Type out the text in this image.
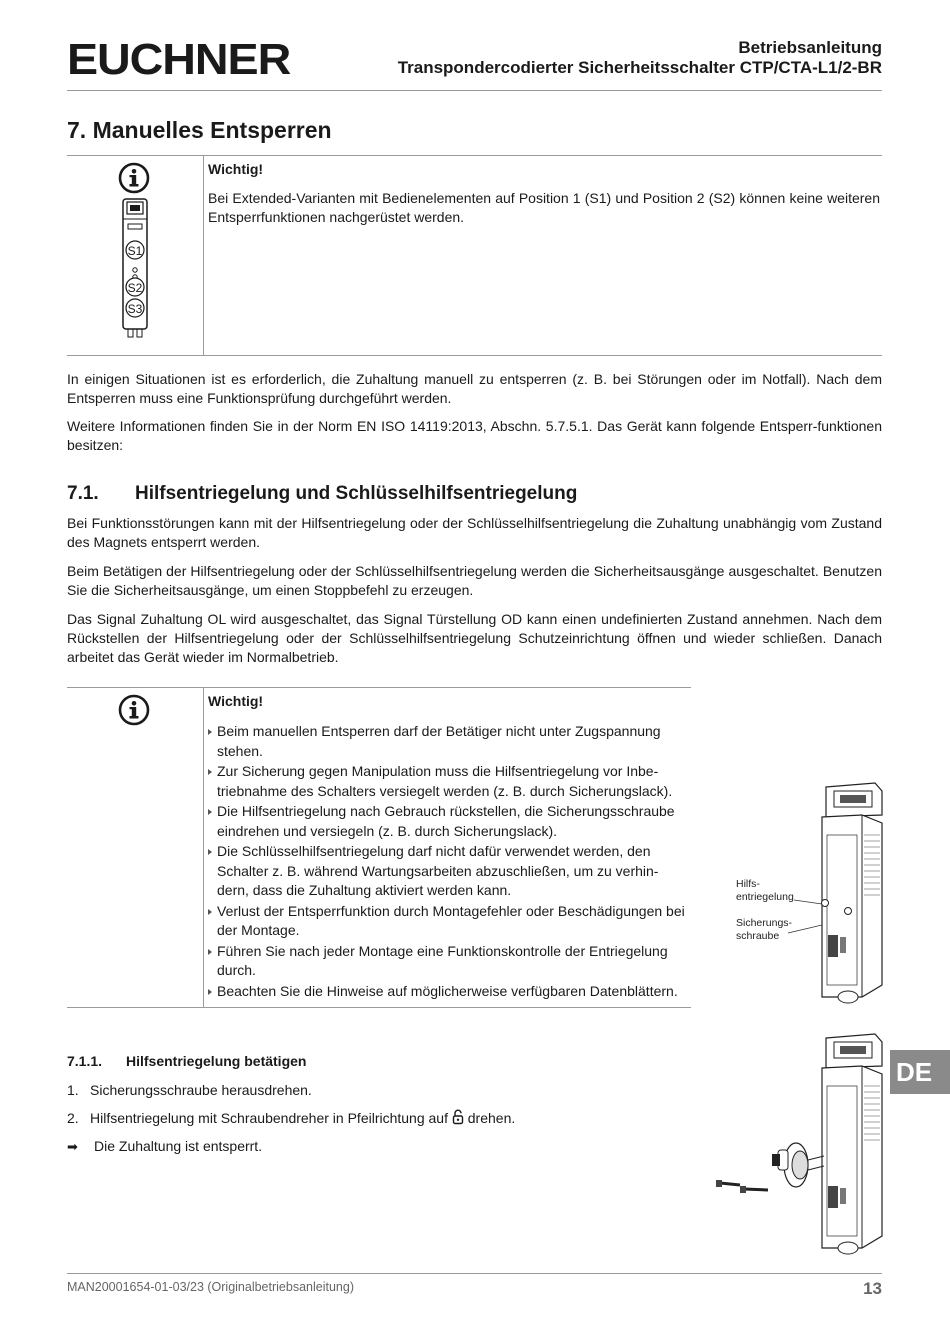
EUCHNER	Betriebsanleitung
Transpondercodierter Sicherheitsschalter CTP/CTA-L1/2-BR
7. Manuelles Entsperren
S1
S2
S3
Wichtig!
Bei Extended-Varianten mit Bedienelementen auf Position 1 (S1) und Position 2 (S2) können keine weiteren Entsperrfunktionen nachgerüstet werden.
In einigen Situationen ist es erforderlich, die Zuhaltung manuell zu entsperren (z. B. bei Störungen oder im Notfall). Nach dem Entsperren muss eine Funktionsprüfung durchgeführt werden.
Weitere Informationen finden Sie in der Norm EN ISO 14119:2013, Abschn. 5.7.5.1. Das Gerät kann folgende Entsperr-funktionen besitzen:
7.1. Hilfsentriegelung und Schlüsselhilfsentriegelung
Bei Funktionsstörungen kann mit der Hilfsentriegelung oder der Schlüsselhilfsentriegelung die Zuhaltung unabhängig vom Zustand des Magnets entsperrt werden.
Beim Betätigen der Hilfsentriegelung oder der Schlüsselhilfsentriegelung werden die Sicherheitsausgänge ausgeschaltet. Benutzen Sie die Sicherheitsausgänge, um einen Stoppbefehl zu erzeugen.
Das Signal Zuhaltung OL wird ausgeschaltet, das Signal Türstellung OD kann einen undefinierten Zustand annehmen. Nach dem Rückstellen der Hilfsentriegelung oder der Schlüsselhilfsentriegelung Schutzeinrichtung öffnen und wieder schließen. Danach arbeitet das Gerät wieder im Normalbetrieb.
Wichtig!
Beim manuellen Entsperren darf der Betätiger nicht unter Zugspannung stehen.
Zur Sicherung gegen Manipulation muss die Hilfsentriegelung vor Inbe-triebnahme des Schalters versiegelt werden (z. B. durch Sicherungslack).
Die Hilfsentriegelung nach Gebrauch rückstellen, die Sicherungsschraube eindrehen und versiegeln (z. B. durch Sicherungslack).
Die Schlüsselhilfsentriegelung darf nicht dafür verwendet werden, den Schalter z. B. während Wartungsarbeiten abzuschließen, um zu verhin-dern, dass die Zuhaltung aktiviert werden kann.
Verlust der Entsperrfunktion durch Montagefehler oder Beschädigungen bei der Montage.
Führen Sie nach jeder Montage eine Funktionskontrolle der Entriegelung durch.
Beachten Sie die Hinweise auf möglicherweise verfügbaren Datenblättern.
Hilfs-
entriegelung
Sicherungs-
schraube
7.1.1. Hilfsentriegelung betätigen
1. Sicherungsschraube herausdrehen.
2. Hilfsentriegelung mit Schraubendreher in Pfeilrichtung auf drehen.
➡ Die Zuhaltung ist entsperrt.
DE
MAN20001654-01-03/23 (Originalbetriebsanleitung)	13
